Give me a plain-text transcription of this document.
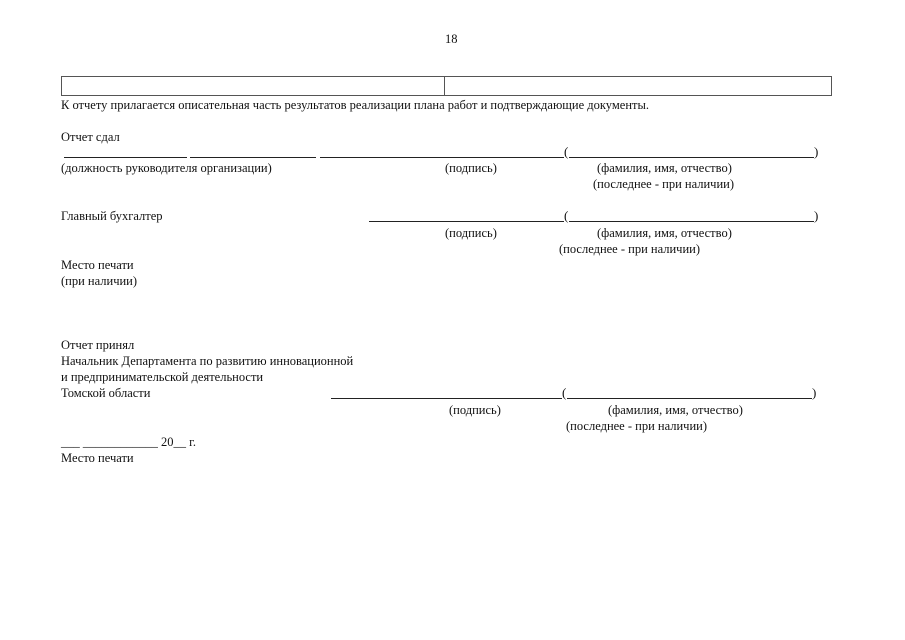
18

К отчету прилагается описательная часть результатов реализации плана работ и подтверждающие документы.
Отчет сдал
(	)
(должность руководителя организации)	(подпись)	(фамилия, имя, отчество)
(последнее - при наличии)
Главный бухгалтер	(	)
(подпись)	(фамилия, имя, отчество)
(последнее - при наличии)
Место печати
(при наличии)
Отчет принял
Начальник Департамента по развитию инновационной
и предпринимательской деятельности
Томской области	(	)
(подпись)	(фамилия, имя, отчество)
(последнее - при наличии)
___ ____________ 20__ г.
Место печати
